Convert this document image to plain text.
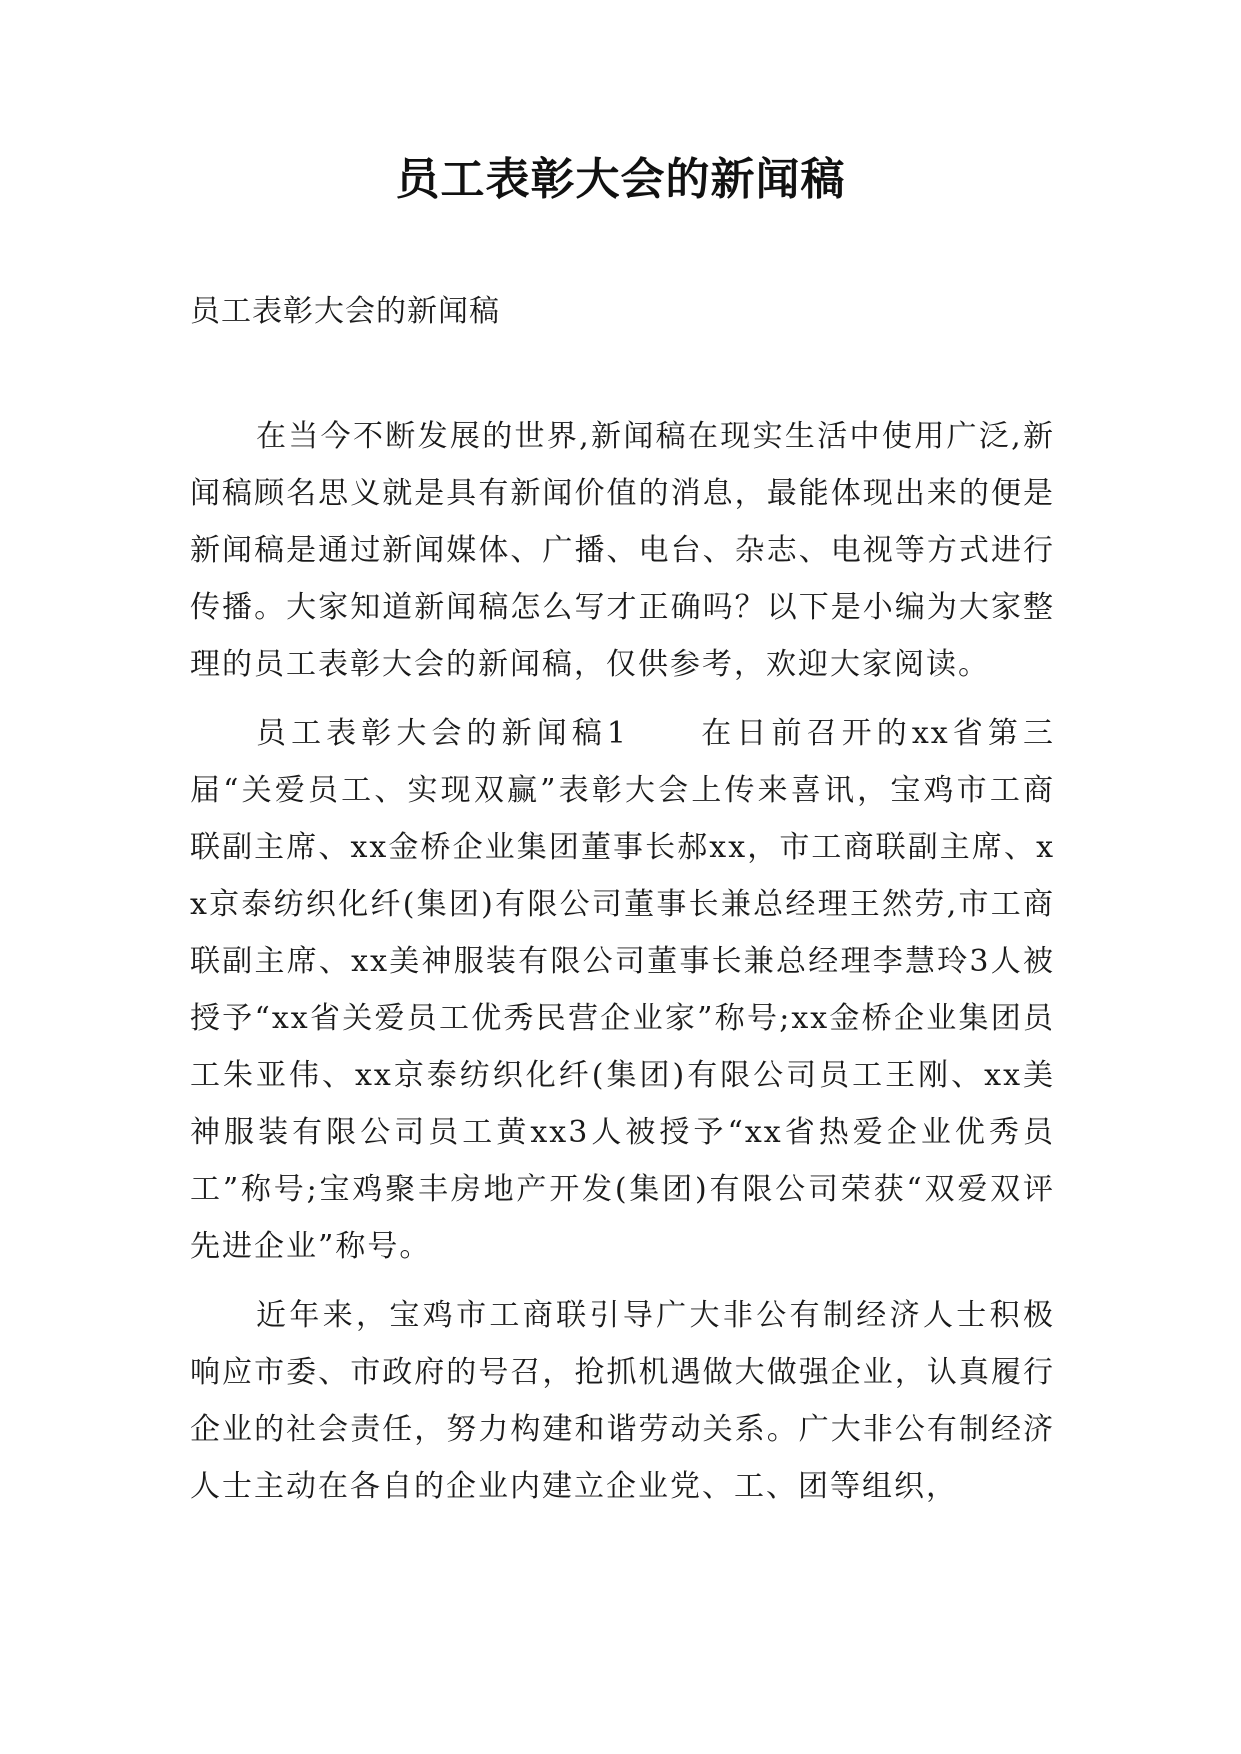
员工表彰大会的新闻稿

员工表彰大会的新闻稿

在当今不断发展的世界,新闻稿在现实生活中使用广泛,新闻稿顾名思义就是具有新闻价值的消息，最能体现出来的便是新闻稿是通过新闻媒体、广播、电台、杂志、电视等方式进行传播。大家知道新闻稿怎么写才正确吗？以下是小编为大家整理的员工表彰大会的新闻稿，仅供参考，欢迎大家阅读。

员工表彰大会的新闻稿1　　在日前召开的xx省第三届“关爱员工、实现双赢”表彰大会上传来喜讯，宝鸡市工商联副主席、xx金桥企业集团董事长郝xx，市工商联副主席、xx京泰纺织化纤(集团)有限公司董事长兼总经理王然劳,市工商联副主席、xx美神服装有限公司董事长兼总经理李慧玲3人被授予“xx省关爱员工优秀民营企业家”称号;xx金桥企业集团员工朱亚伟、xx京泰纺织化纤(集团)有限公司员工王刚、xx美神服装有限公司员工黄xx3人被授予“xx省热爱企业优秀员工”称号;宝鸡聚丰房地产开发(集团)有限公司荣获“双爱双评先进企业”称号。

近年来，宝鸡市工商联引导广大非公有制经济人士积极响应市委、市政府的号召，抢抓机遇做大做强企业，认真履行企业的社会责任，努力构建和谐劳动关系。广大非公有制经济人士主动在各自的企业内建立企业党、工、团等组织，
